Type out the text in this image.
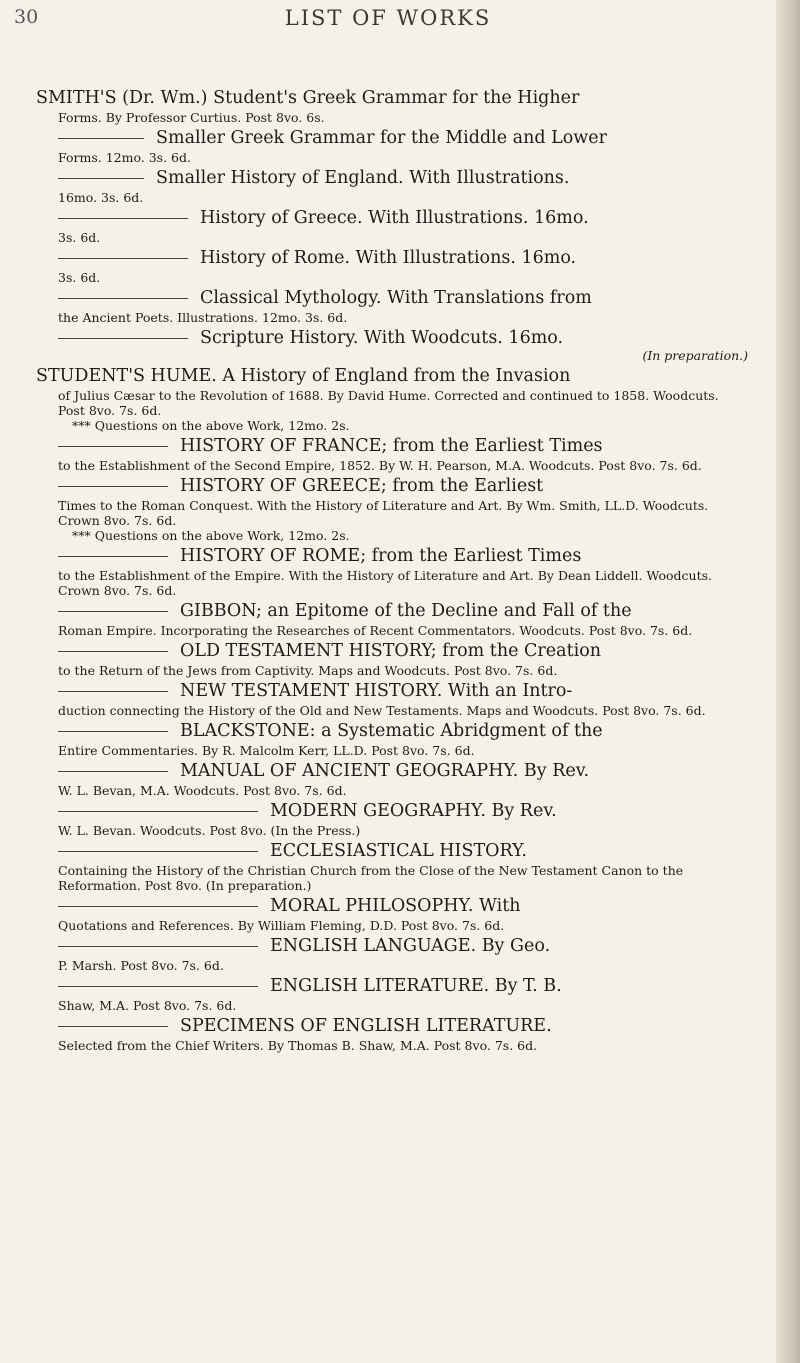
30	LIST OF WORKS
SMITH'S (Dr. Wm.) Student's Greek Grammar for the Higher
Forms. By Professor Curtius. Post 8vo. 6s.
Smaller Greek Grammar for the Middle and Lower
Forms. 12mo. 3s. 6d.
Smaller History of England. With Illustrations.
16mo. 3s. 6d.
History of Greece. With Illustrations. 16mo.
3s. 6d.
History of Rome. With Illustrations. 16mo.
3s. 6d.
Classical Mythology. With Translations from
the Ancient Poets. Illustrations. 12mo. 3s. 6d.
Scripture History. With Woodcuts. 16mo.
(In preparation.)
STUDENT'S HUME. A History of England from the Invasion
of Julius Cæsar to the Revolution of 1688. By David Hume. Corrected and continued to 1858. Woodcuts. Post 8vo. 7s. 6d.
*** Questions on the above Work, 12mo. 2s.
HISTORY OF FRANCE; from the Earliest Times
to the Establishment of the Second Empire, 1852. By W. H. Pearson, M.A. Woodcuts. Post 8vo. 7s. 6d.
HISTORY OF GREECE; from the Earliest
Times to the Roman Conquest. With the History of Literature and Art. By Wm. Smith, LL.D. Woodcuts. Crown 8vo. 7s. 6d.
*** Questions on the above Work, 12mo. 2s.
HISTORY OF ROME; from the Earliest Times
to the Establishment of the Empire. With the History of Literature and Art. By Dean Liddell. Woodcuts. Crown 8vo. 7s. 6d.
GIBBON; an Epitome of the Decline and Fall of the
Roman Empire. Incorporating the Researches of Recent Commentators. Woodcuts. Post 8vo. 7s. 6d.
OLD TESTAMENT HISTORY; from the Creation
to the Return of the Jews from Captivity. Maps and Woodcuts. Post 8vo. 7s. 6d.
NEW TESTAMENT HISTORY. With an Intro-
duction connecting the History of the Old and New Testaments. Maps and Woodcuts. Post 8vo. 7s. 6d.
BLACKSTONE: a Systematic Abridgment of the
Entire Commentaries. By R. Malcolm Kerr, LL.D. Post 8vo. 7s. 6d.
MANUAL OF ANCIENT GEOGRAPHY. By Rev.
W. L. Bevan, M.A. Woodcuts. Post 8vo. 7s. 6d.
MODERN GEOGRAPHY. By Rev.
W. L. Bevan. Woodcuts. Post 8vo. (In the Press.)
ECCLESIASTICAL HISTORY.
Containing the History of the Christian Church from the Close of the New Testament Canon to the Reformation. Post 8vo. (In preparation.)
MORAL PHILOSOPHY. With
Quotations and References. By William Fleming, D.D. Post 8vo. 7s. 6d.
ENGLISH LANGUAGE. By Geo.
P. Marsh. Post 8vo. 7s. 6d.
ENGLISH LITERATURE. By T. B.
Shaw, M.A. Post 8vo. 7s. 6d.
SPECIMENS OF ENGLISH LITERATURE.
Selected from the Chief Writers. By Thomas B. Shaw, M.A. Post 8vo. 7s. 6d.
